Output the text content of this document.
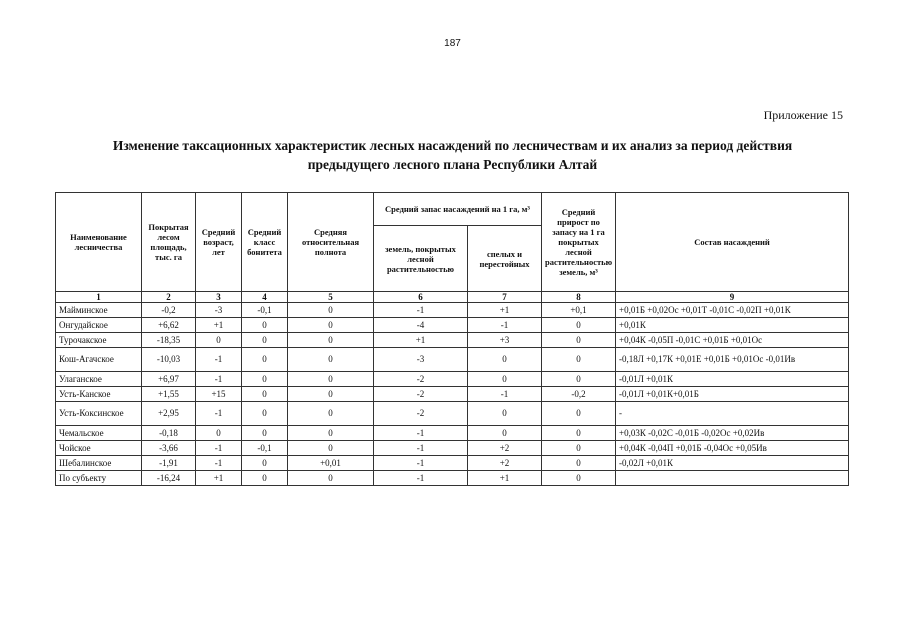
187
Приложение 15
Изменение таксационных характеристик лесных насаждений по лесничествам и их анализ за период действия
предыдущего лесного плана Республики Алтай
Наименование лесничества	Покрытая лесом площадь, тыс. га	Средний возраст, лет	Средний класс бонитета	Средняя относительная полнота	Средний запас насаждений на 1 га, м³		Средний прирост по запасу на 1 га покрытых лесной растительностью земель, м³	Состав насаждений
					земель, покрытых лесной растительностью	спелых и перестойных		
1	2	3	4	5	6	7	8	9
Майминское	-0,2	-3	-0,1	0	-1	+1	+0,1	+0,01Б +0,02Ос +0,01Т -0,01С -0,02П +0,01К
Онгудайское	+6,62	+1	0	0	-4	-1	0	+0,01К
Турочакское	-18,35	0	0	0	+1	+3	0	+0,04К -0,05П -0,01С +0,01Б +0,01Ос
Кош-Агачское	-10,03	-1	0	0	-3	0	0	-0,18Л +0,17К +0,01Е +0,01Б +0,01Ос -0,01Ив
Улаганское	+6,97	-1	0	0	-2	0	0	-0,01Л +0,01К
Усть-Канское	+1,55	+15	0	0	-2	-1	-0,2	-0,01Л +0,01К+0,01Б
Усть-Коксинское	+2,95	-1	0	0	-2	0	0	-
Чемальское	-0,18	0	0	0	-1	0	0	+0,03К -0,02С -0,01Б -0,02Ос +0,02Ив
Чойское	-3,66	-1	-0,1	0	-1	+2	0	+0,04К -0,04П +0,01Б -0,04Ос +0,05Ив
Шебалинское	-1,91	-1	0	+0,01	-1	+2	0	-0,02Л +0,01К
По субъекту	-16,24	+1	0	0	-1	+1	0	
